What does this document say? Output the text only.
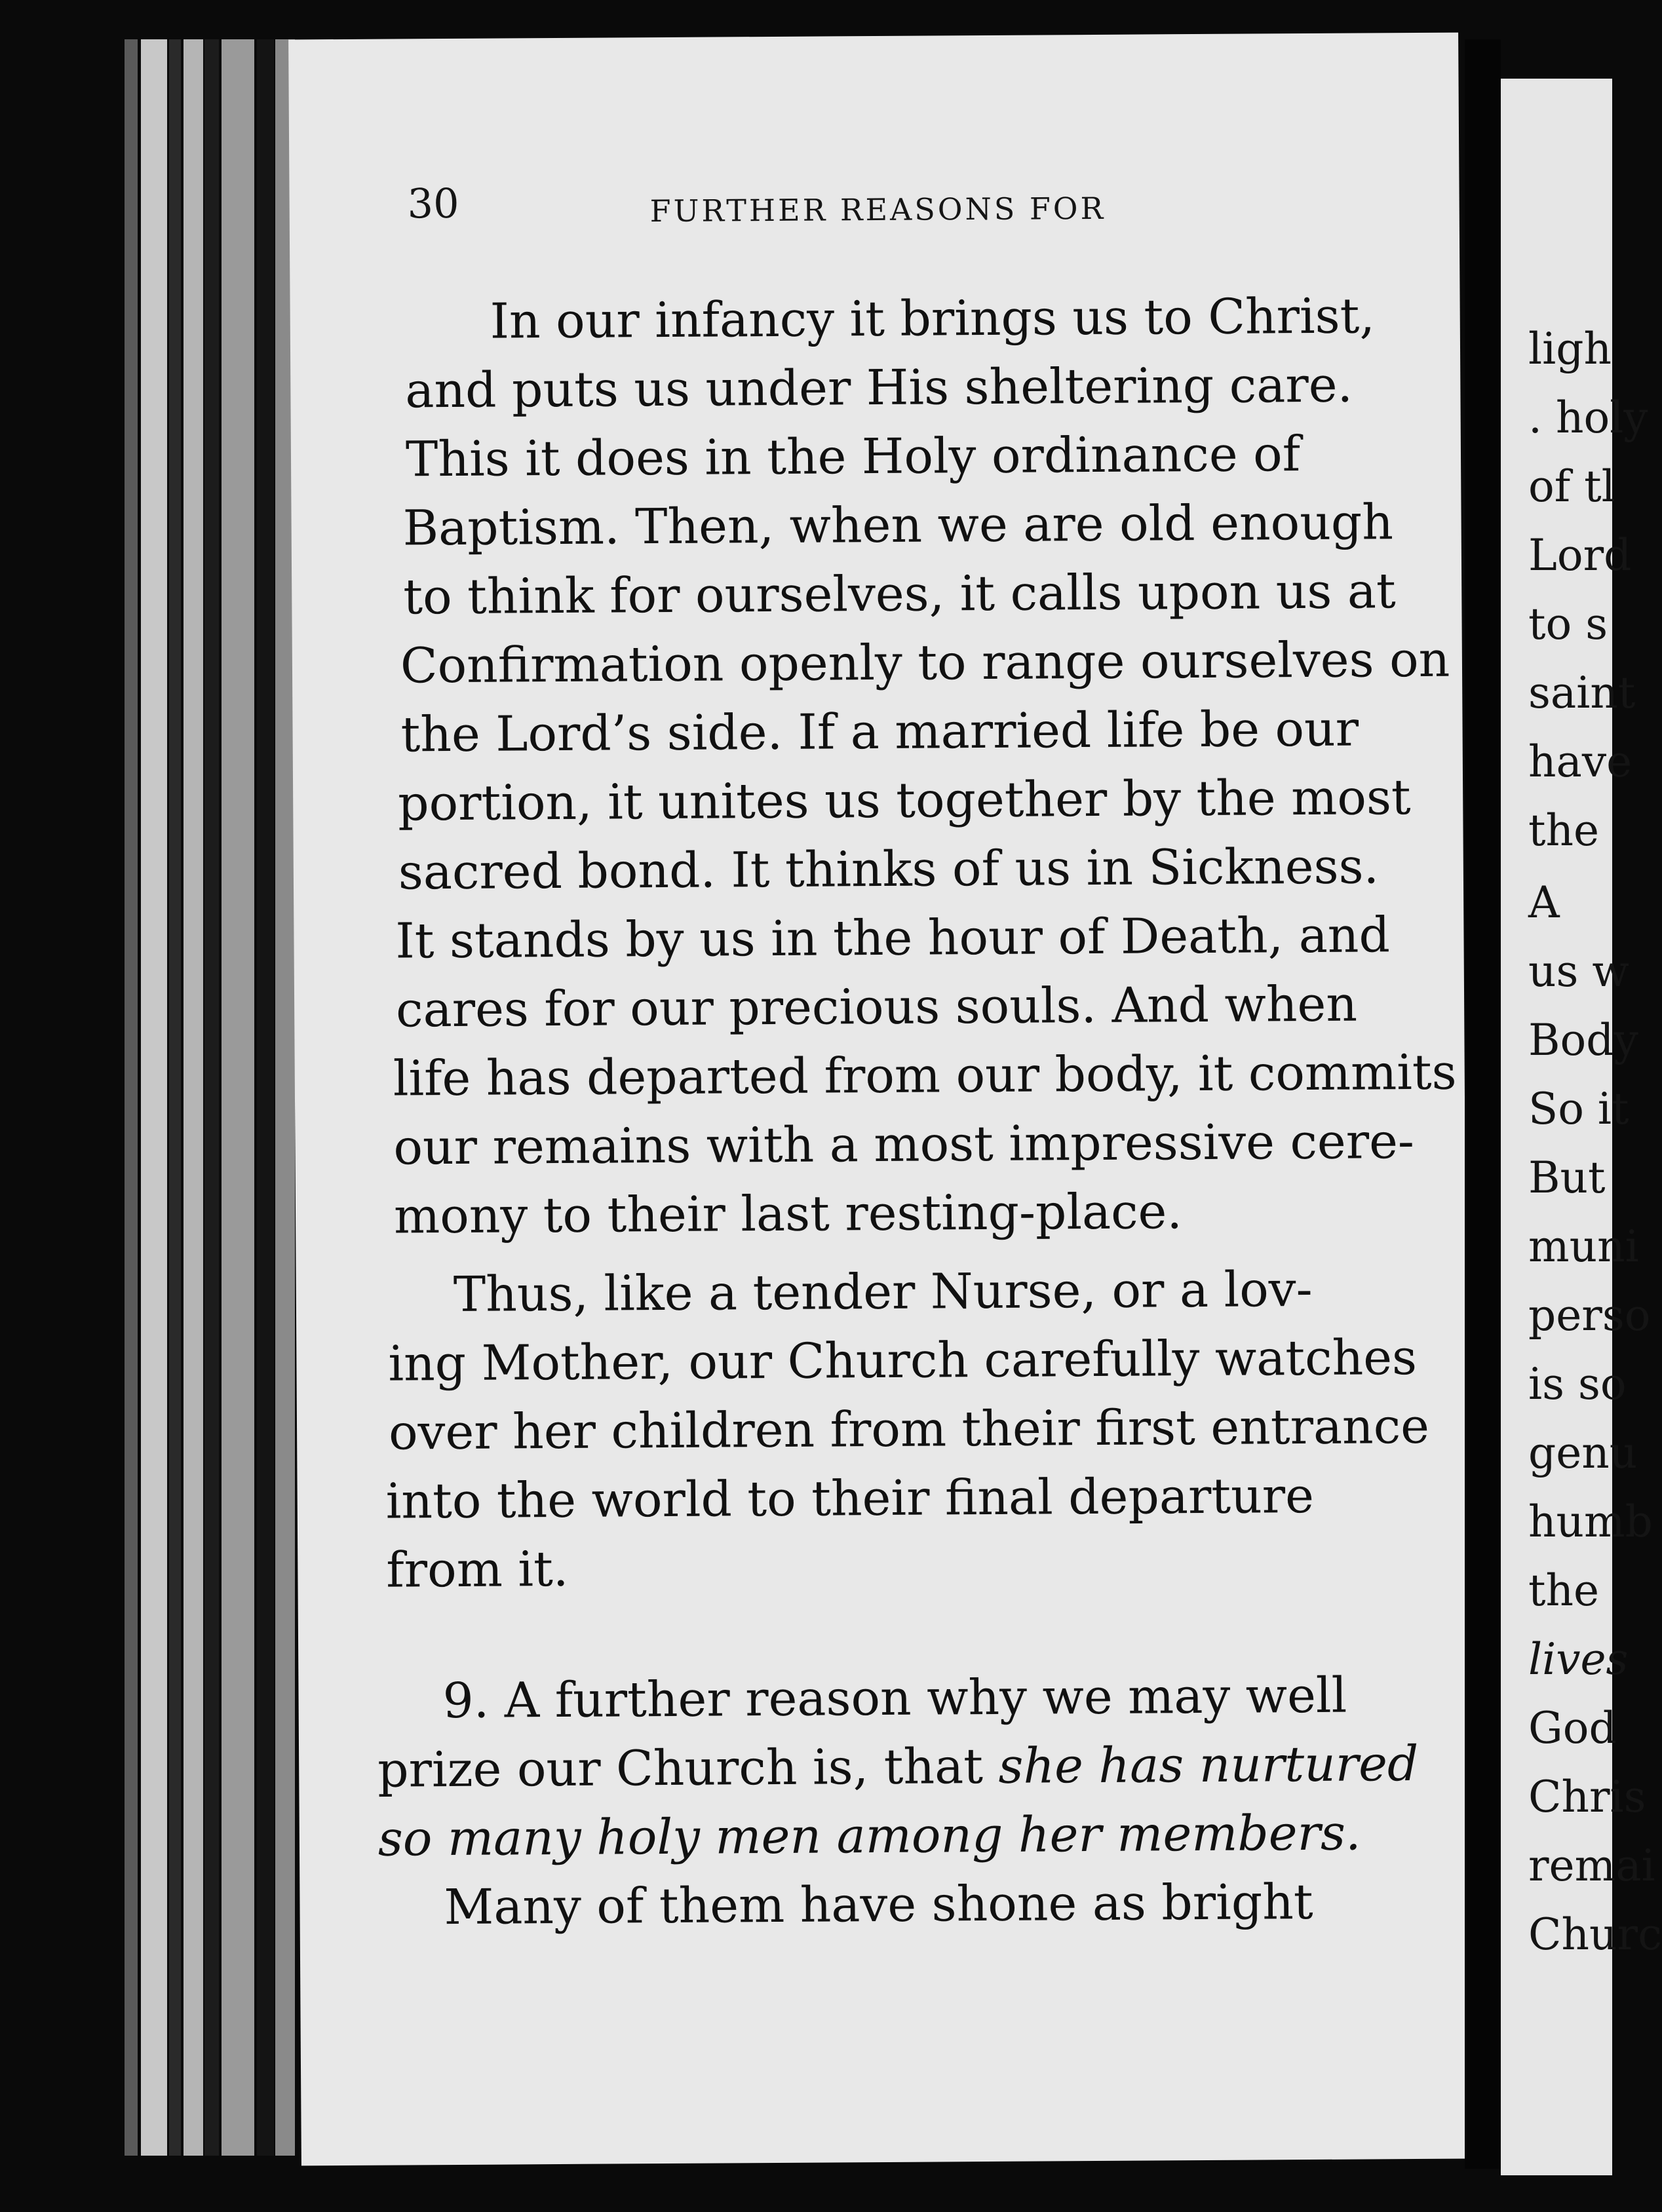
30	FURTHER REASONS FOR
In our infancy it brings us to Christ,
and puts us under His sheltering care.
This it does in the Holy ordinance of
Baptism. Then, when we are old enough
to think for ourselves, it calls upon us at
Confirmation openly to range ourselves on
the Lord’s side. If a married life be our
portion, it unites us together by the most
sacred bond. It thinks of us in Sickness.
It stands by us in the hour of Death, and
cares for our precious souls. And when
life has departed from our body, it commits
our remains with a most impressive cere-
mony to their last resting-place.
Thus, like a tender Nurse, or a lov-
ing Mother, our Church carefully watches
over her children from their first entrance
into the world to their final departure
from it.
9. A further reason why we may well
prize our Church is, that she has nurtured
so many holy men among her members.
Many of them have shone as bright
ligh
. holy
of tl
Lord
to s
saint
have
the
A
us w
Body
So it
But
muni
perso
is so
genu
humb
the
lives
God
Chris
remai
Churc
